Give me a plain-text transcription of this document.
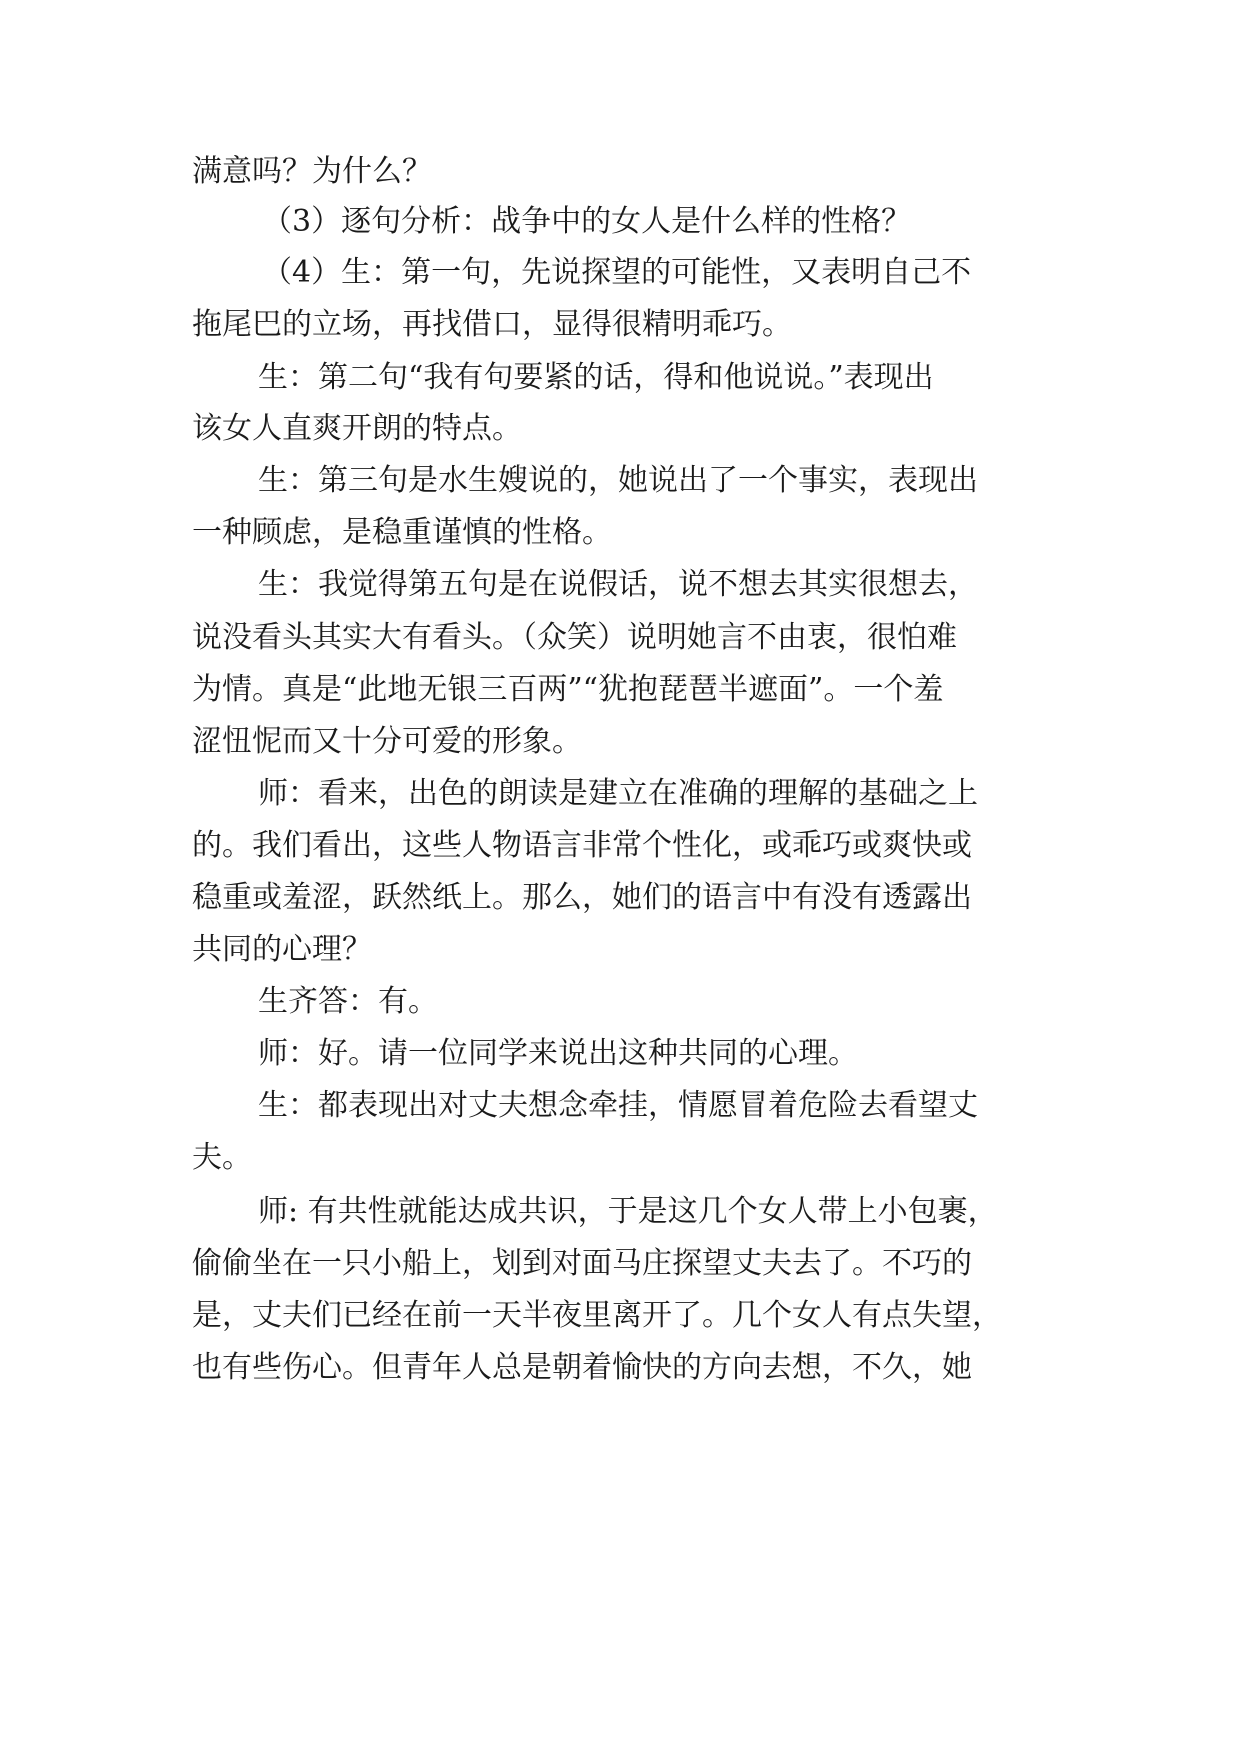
满意吗？为什么？
（3）逐句分析：战争中的女人是什么样的性格？
（4）生：第一句，先说探望的可能性，又表明自己不
拖尾巴的立场，再找借口，显得很精明乖巧。
生：第二句“我有句要紧的话，得和他说说。”表现出
该女人直爽开朗的特点。
生：第三句是水生嫂说的，她说出了一个事实，表现出
一种顾虑，是稳重谨慎的性格。
生：我觉得第五句是在说假话，说不想去其实很想去，
说没看头其实大有看头。（众笑）说明她言不由衷，很怕难
为情。真是“此地无银三百两”“犹抱琵琶半遮面”。一个羞
涩忸怩而又十分可爱的形象。
师：看来，出色的朗读是建立在准确的理解的基础之上
的。我们看出，这些人物语言非常个性化，或乖巧或爽快或
稳重或羞涩，跃然纸上。那么，她们的语言中有没有透露出
共同的心理？
生齐答：有。
师：好。请一位同学来说出这种共同的心理。
生：都表现出对丈夫想念牵挂，情愿冒着危险去看望丈
夫。
师: 有共性就能达成共识，于是这几个女人带上小包裹，
偷偷坐在一只小船上，划到对面马庄探望丈夫去了。不巧的
是，丈夫们已经在前一天半夜里离开了。几个女人有点失望，
也有些伤心。但青年人总是朝着愉快的方向去想，不久，她
